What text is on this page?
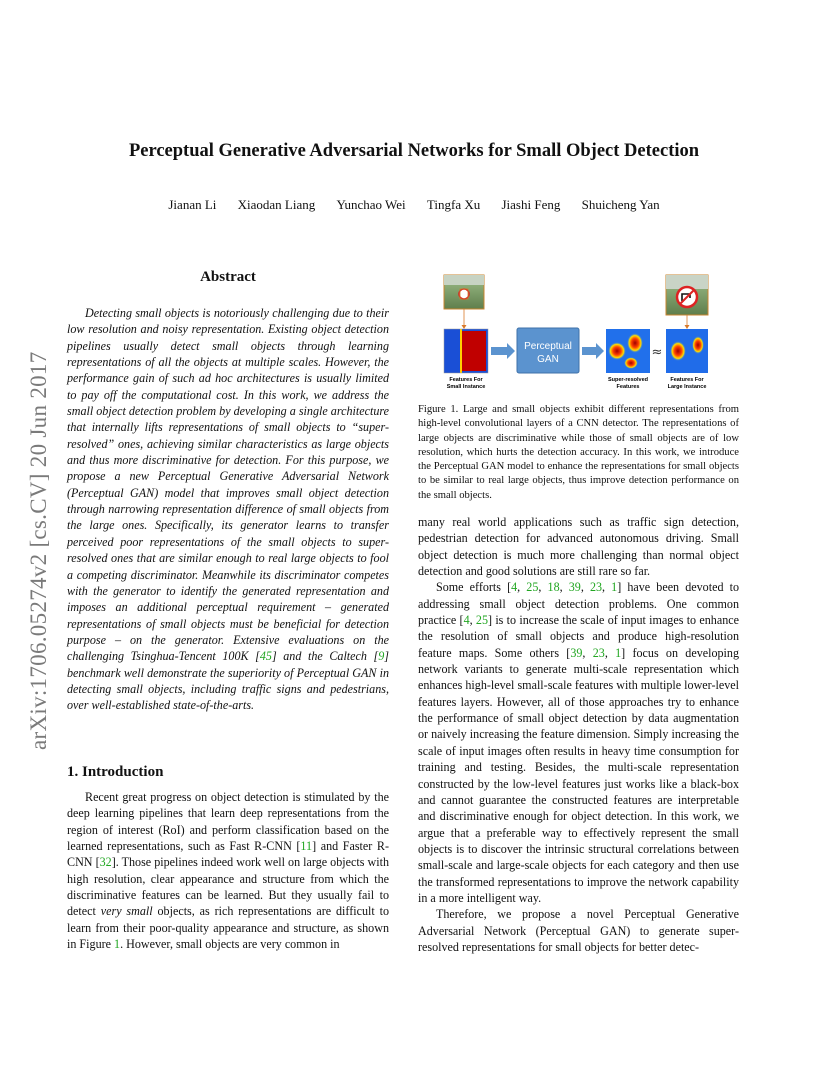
Perceptual Generative Adversarial Networks for Small Object Detection
Jianan Li Xiaodan Liang Yunchao Wei Tingfa Xu Jiashi Feng Shuicheng Yan
arXiv:1706.05274v2 [cs.CV] 20 Jun 2017
Abstract

Detecting small objects is notoriously challenging due to their low resolution and noisy representation. Existing object detection pipelines usually detect small objects through learning representations of all the objects at multiple scales. However, the performance gain of such ad hoc architectures is usually limited to pay off the computational cost. In this work, we address the small object detection problem by developing a single architecture that internally lifts representations of small objects to “super-resolved” ones, achieving similar characteristics as large objects and thus more discriminative for detection. For this purpose, we propose a new Perceptual Generative Adversarial Network (Perceptual GAN) model that improves small object detection through narrowing representation difference of small objects from the large ones. Specifically, its generator learns to transfer perceived poor representations of the small objects to super-resolved ones that are similar enough to real large objects to fool a competing discriminator. Meanwhile its discriminator competes with the generator to identify the generated representation and imposes an additional perceptual requirement – generated representations of small objects must be beneficial for detection purpose – on the generator. Extensive evaluations on the challenging Tsinghua-Tencent 100K [45] and the Caltech [9] benchmark well demonstrate the superiority of Perceptual GAN in detecting small objects, including traffic signs and pedestrians, over well-established state-of-the-arts.

1. Introduction

Recent great progress on object detection is stimulated by the deep learning pipelines that learn deep representations from the region of interest (RoI) and perform classification based on the learned representations, such as Fast R-CNN [11] and Faster R-CNN [32]. Those pipelines indeed work well on large objects with high resolution, clear appearance and structure from which the discriminative features can be learned. But they usually fail to detect very small objects, as rich representations are difficult to learn from their poor-quality appearance and structure, as shown in Figure 1. However, small objects are very common in

Features For
Small Instance
Perceptual
GAN
Super-resolved
Features
≈
Features For
Large Instance

Figure 1. Large and small objects exhibit different representations from high-level convolutional layers of a CNN detector. The representations of large objects are discriminative while those of small objects are of low resolution, which hurts the detection accuracy. In this work, we introduce the Perceptual GAN model to enhance the representations for small objects to be similar to real large objects, thus improve detection performance on the small objects.

many real world applications such as traffic sign detection, pedestrian detection for advanced autonomous driving. Small object detection is much more challenging than normal object detection and good solutions are still rare so far.

Some efforts [4, 25, 18, 39, 23, 1] have been devoted to addressing small object detection problems. One common practice [4, 25] is to increase the scale of input images to enhance the resolution of small objects and produce high-resolution feature maps. Some others [39, 23, 1] focus on developing network variants to generate multi-scale representation which enhances high-level small-scale features with multiple lower-level features layers. However, all of those approaches try to enhance the performance of small object detection by data augmentation or naively increasing the feature dimension. Simply increasing the scale of input images often results in heavy time consumption for training and testing. Besides, the multi-scale representation constructed by the low-level features just works like a black-box and cannot guarantee the constructed features are interpretable and discriminative enough for object detection. In this work, we argue that a preferable way to effectively represent the small objects is to discover the intrinsic structural correlations between small-scale and large-scale objects for each category and then use the transformed representations to improve the network capability in a more intelligent way.

Therefore, we propose a novel Perceptual Generative Adversarial Network (Perceptual GAN) to generate super-resolved representations for small objects for better detec-
